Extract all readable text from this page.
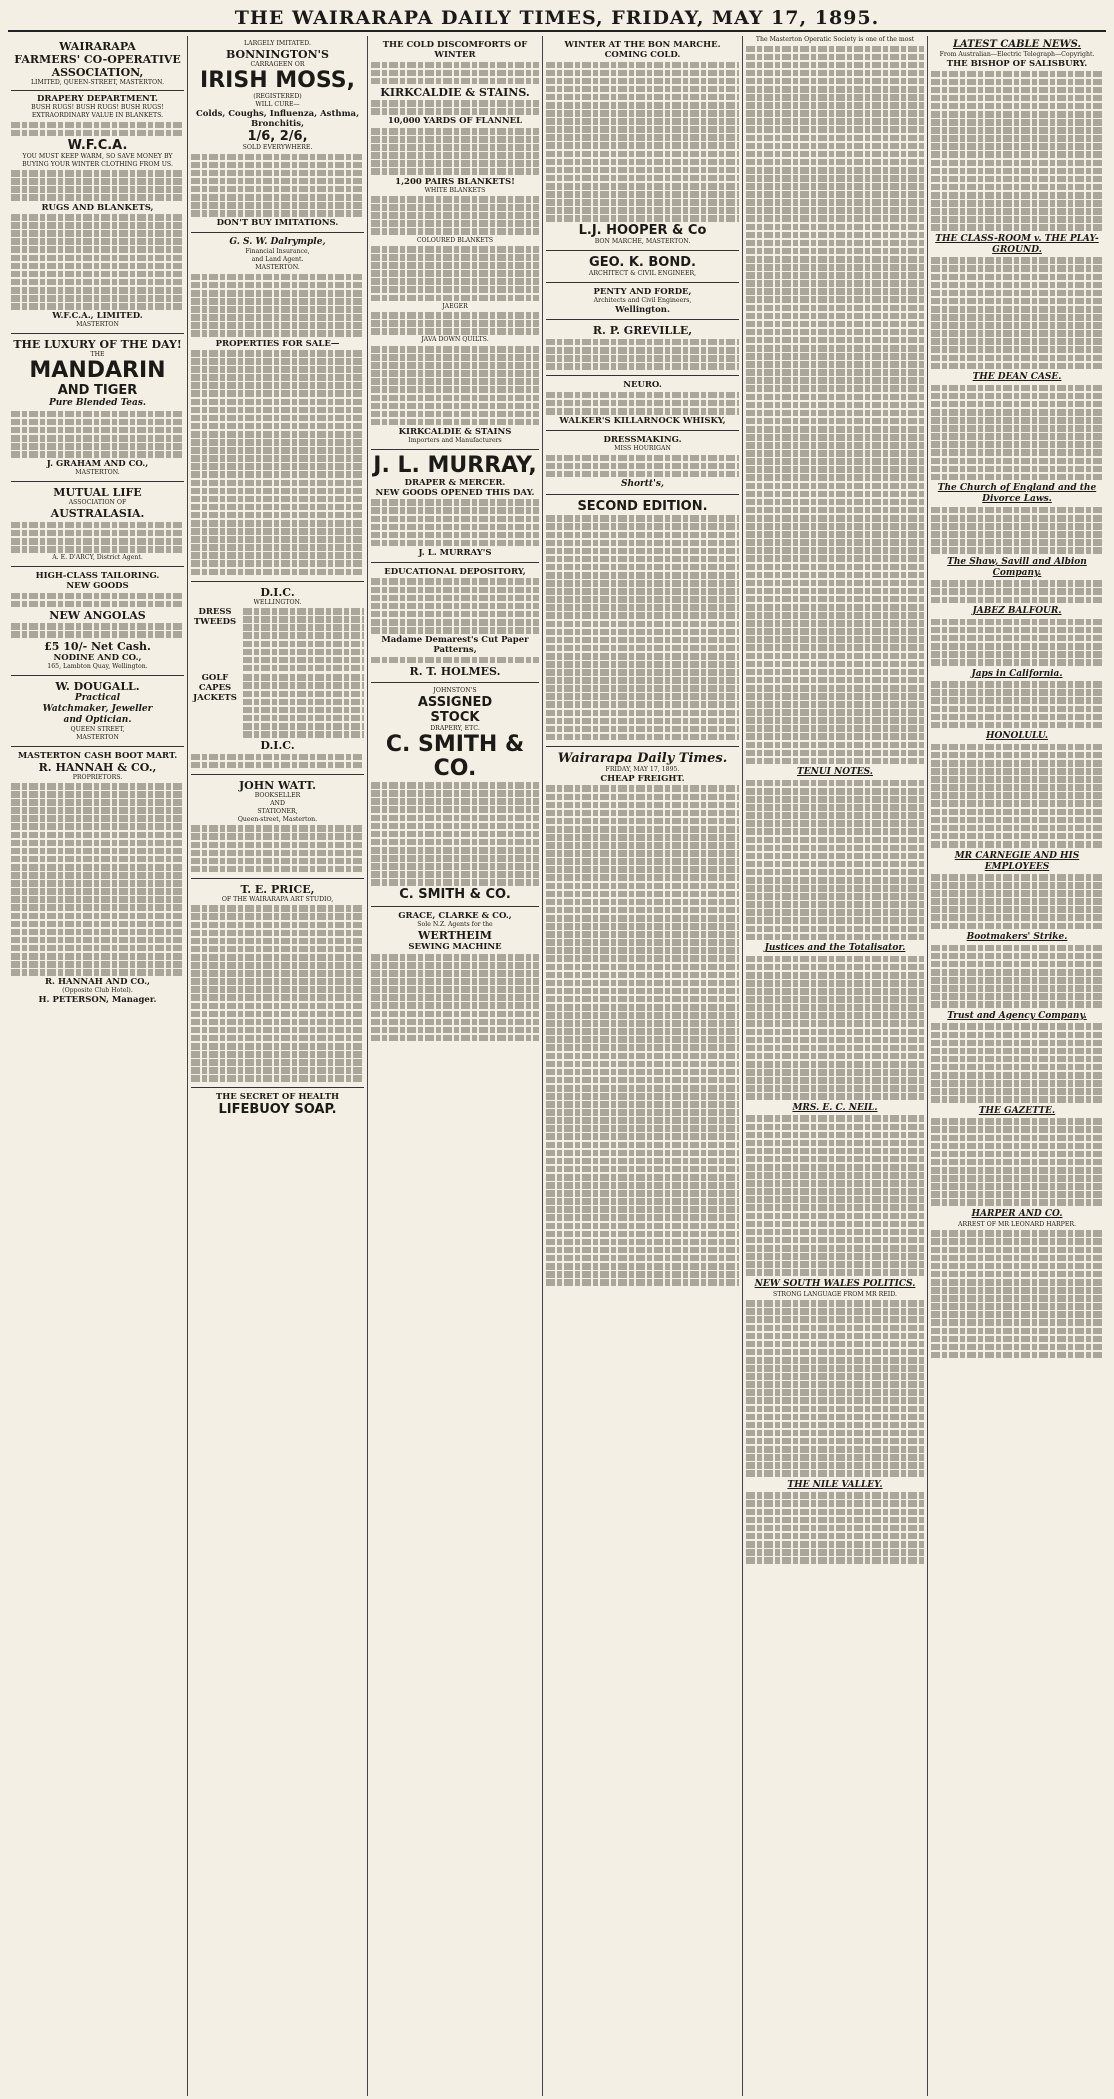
THE WAIRARAPA DAILY TIMES, FRIDAY, MAY 17, 1895.
WAIRARAPA
FARMERS' CO-OPERATIVE
ASSOCIATION,
LIMITED, QUEEN-STREET, MASTERTON.
DRAPERY DEPARTMENT.
BUSH RUGS! BUSH RUGS! BUSH RUGS!
EXTRAORDINARY VALUE IN BLANKETS.
W.F.C.A.
YOU MUST KEEP WARM, SO SAVE MONEY BY BUYING YOUR WINTER CLOTHING FROM US.
RUGS AND BLANKETS,
W.F.C.A., LIMITED.
MASTERTON
THE LUXURY OF THE DAY!
THE
MANDARIN
AND TIGER
Pure Blended Teas.
J. GRAHAM AND CO.,
MASTERTON.
MUTUAL LIFE
ASSOCIATION OF
AUSTRALASIA.
A. E. D'ARCY, District Agent.
HIGH-CLASS TAILORING.
NEW GOODS
NEW ANGOLAS
£5 10/- Net Cash.
NODINE AND CO.,
165, Lambton Quay, Wellington.
W. DOUGALL.
Practical
Watchmaker, Jeweller
and Optician.
QUEEN STREET,
MASTERTON
MASTERTON CASH BOOT MART.
R. HANNAH & CO.,
PROPRIETORS.
R. HANNAH AND CO.,
(Opposite Club Hotel).
H. PETERSON, Manager.
LARGELY IMITATED.
BONNINGTON'S
CARRAGEEN OR
IRISH MOSS,
(REGISTERED)
WILL CURE—
Colds, Coughs, Influenza, Asthma, Bronchitis,
1/6, 2/6,
SOLD EVERYWHERE.
DON'T BUY IMITATIONS.
G. S. W. Dalrymple,
Financial Insurance,
and Land Agent.
MASTERTON.
PROPERTIES FOR SALE—
D.I.C.
WELLINGTON.
DRESS
TWEEDS
GOLF
CAPES
JACKETS
D.I.C.
JOHN WATT.
BOOKSELLER
AND
STATIONER,
Queen-street, Masterton.
T. E. PRICE,
OF THE WAIRARAPA ART STUDIO,
THE SECRET OF HEALTH
LIFEBUOY SOAP.
THE COLD DISCOMFORTS OF WINTER
KIRKCALDIE & STAINS.
10,000 YARDS OF FLANNEL
1,200 PAIRS BLANKETS!
WHITE BLANKETS
COLOURED BLANKETS
JAEGER
JAVA DOWN QUILTS.
KIRKCALDIE & STAINS
Importers and Manufacturers
J. L. MURRAY,
DRAPER & MERCER.
NEW GOODS OPENED THIS DAY.
J. L. MURRAY'S
EDUCATIONAL DEPOSITORY,
Madame Demarest's Cut Paper Patterns,
R. T. HOLMES.
JOHNSTON'S
ASSIGNED
STOCK
DRAPERY, ETC.
C. SMITH & CO.
C. SMITH & CO.
GRACE, CLARKE & CO.,
Sole N.Z. Agents for the
WERTHEIM
SEWING MACHINE
WINTER AT THE BON MARCHE.
COMING COLD.
L.J. HOOPER & Co
BON MARCHE, MASTERTON.
GEO. K. BOND.
ARCHITECT & CIVIL ENGINEER,
PENTY AND FORDE,
Architects and Civil Engineers,
Wellington.
R. P. GREVILLE,
NEURO.
WALKER'S KILLARNOCK WHISKY,
DRESSMAKING.
MISS HOURIGAN
Shortt's,
SECOND EDITION.
Wairarapa Daily Times.
FRIDAY, MAY 17, 1895.
CHEAP FREIGHT.
The Masterton Operatic Society is one of the most
TENUI NOTES.
Justices and the Totalisator.
MRS. E. C. NEIL.
NEW SOUTH WALES POLITICS.
STRONG LANGUAGE FROM MR REID.
THE NILE VALLEY.
LATEST CABLE NEWS.
From Australian—Electric Telegraph—Copyright.
THE BISHOP OF SALISBURY.
THE CLASS-ROOM v. THE PLAY-GROUND.
THE DEAN CASE.
The Church of England and the Divorce Laws.
The Shaw, Savill and Albion Company.
JABEZ BALFOUR.
Japs in California.
HONOLULU.
MR CARNEGIE AND HIS EMPLOYEES
Bootmakers' Strike.
Trust and Agency Company.
THE GAZETTE.
HARPER AND CO.
ARREST OF MR LEONARD HARPER.
